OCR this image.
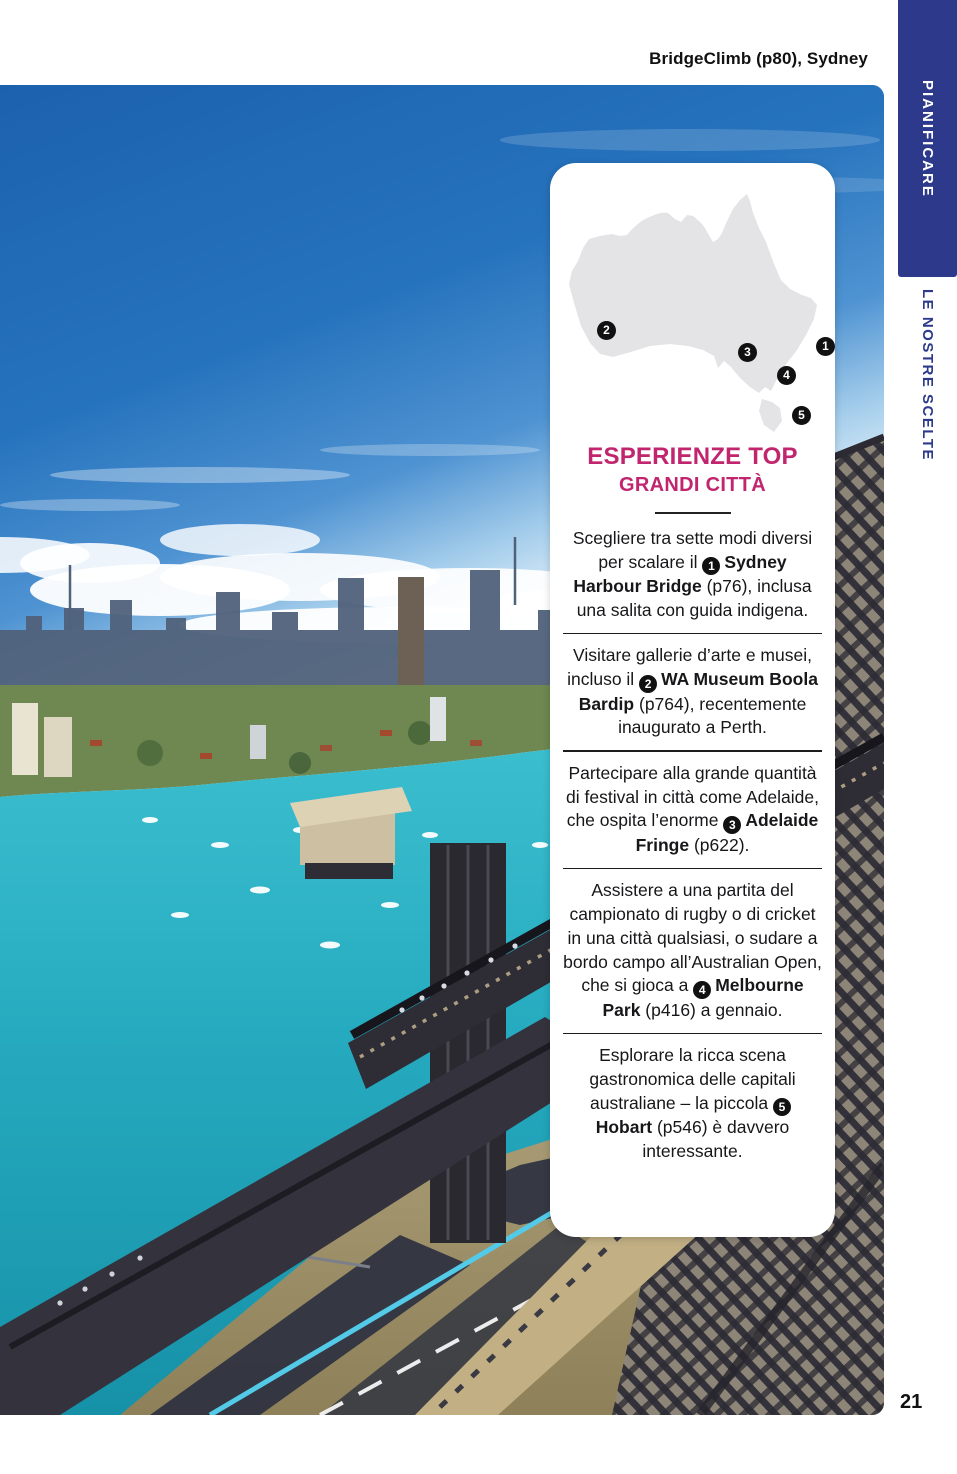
BridgeClimb (p80), Sydney
PIANIFICARE
LE NOSTRE SCELTE
1
2
3
4
5
ESPERIENZE TOP
GRANDI CITTÀ

Scegliere tra sette modi diversi per scalare il 1 Sydney Harbour Bridge (p76), inclusa una salita con guida indigena.

Visitare gallerie d’arte e musei, incluso il 2 WA Museum Boola Bardip (p764), recentemente inaugurato a Perth.

Partecipare alla grande quantità di festival in città come Adelaide, che ospita l’enorme 3 Adelaide Fringe (p622).

Assistere a una partita del campionato di rugby o di cricket in una città qualsiasi, o sudare a bordo campo all’Australian Open, che si gioca a 4 Melbourne Park (p416) a gennaio.

Esplorare la ricca scena gastronomica delle capitali australiane – la piccola 5Hobart (p546) è davvero interessante.

21
